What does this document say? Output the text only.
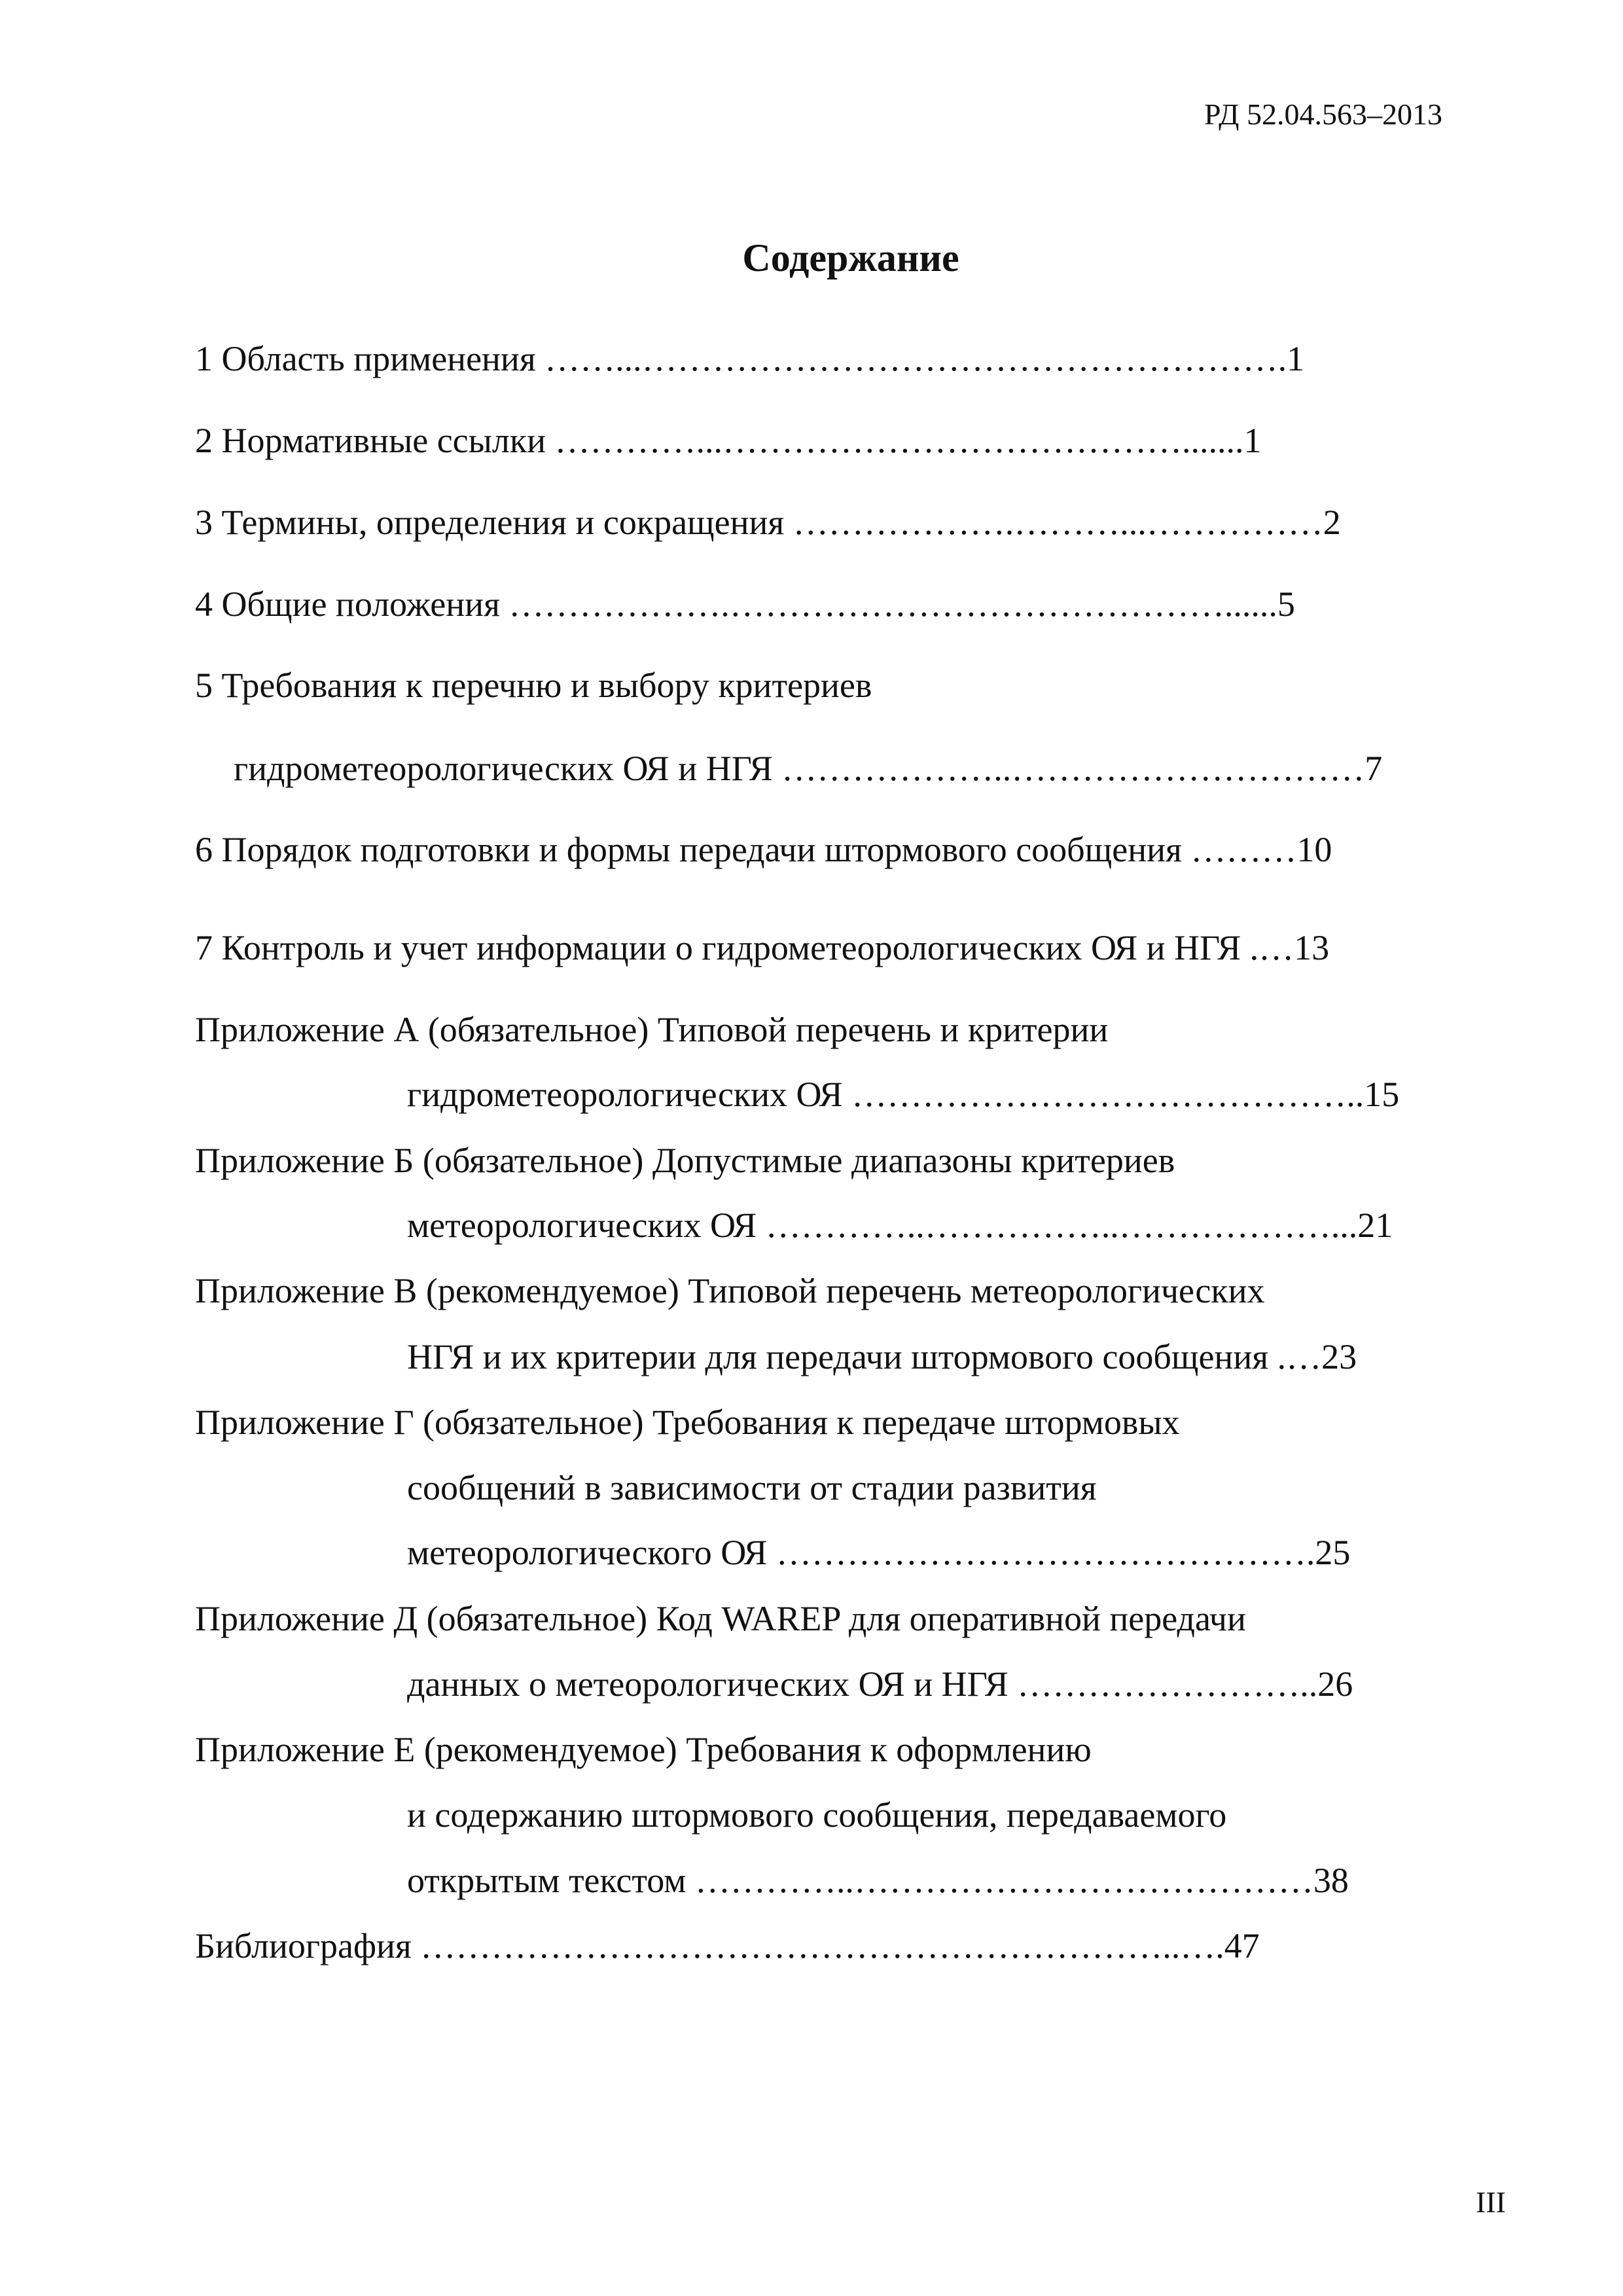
РД 52.04.563–2013
Содержание
1 Область применения ……...……………………………………………….1
2 Нормативные ссылки …………...………………………………….......1
3 Термины, определения и сокращения ……………….………...……………2
4 Общие положения ……………….……………………………………......5
5 Требования к перечню и выбору критериев
гидрометеорологических ОЯ и НГЯ ………………..…………………………7
6 Порядок подготовки и формы передачи штормового сообщения ………10
7 Контроль и учет информации о гидрометеорологических ОЯ и НГЯ .…13
Приложение А (обязательное) Типовой перечень и критерии
гидрометеорологических ОЯ ……………………………………..15
Приложение Б (обязательное) Допустимые диапазоны критериев
метеорологических ОЯ …………..……………..………………...21
Приложение В (рекомендуемое) Типовой перечень метеорологических
НГЯ и их критерии для передачи штормового сообщения .…23
Приложение Г (обязательное) Требования к передаче штормовых
сообщений в зависимости от стадии развития
метеорологического ОЯ ……………………………………….25
Приложение Д (обязательное) Код WAREP для оперативной передачи
данных о метеорологических ОЯ и НГЯ ……………………..26
Приложение Е (рекомендуемое) Требования к оформлению
и содержанию штормового сообщения, передаваемого
открытым текстом …………..…………………………………38
Библиография ………………………………………………………..….47
III
